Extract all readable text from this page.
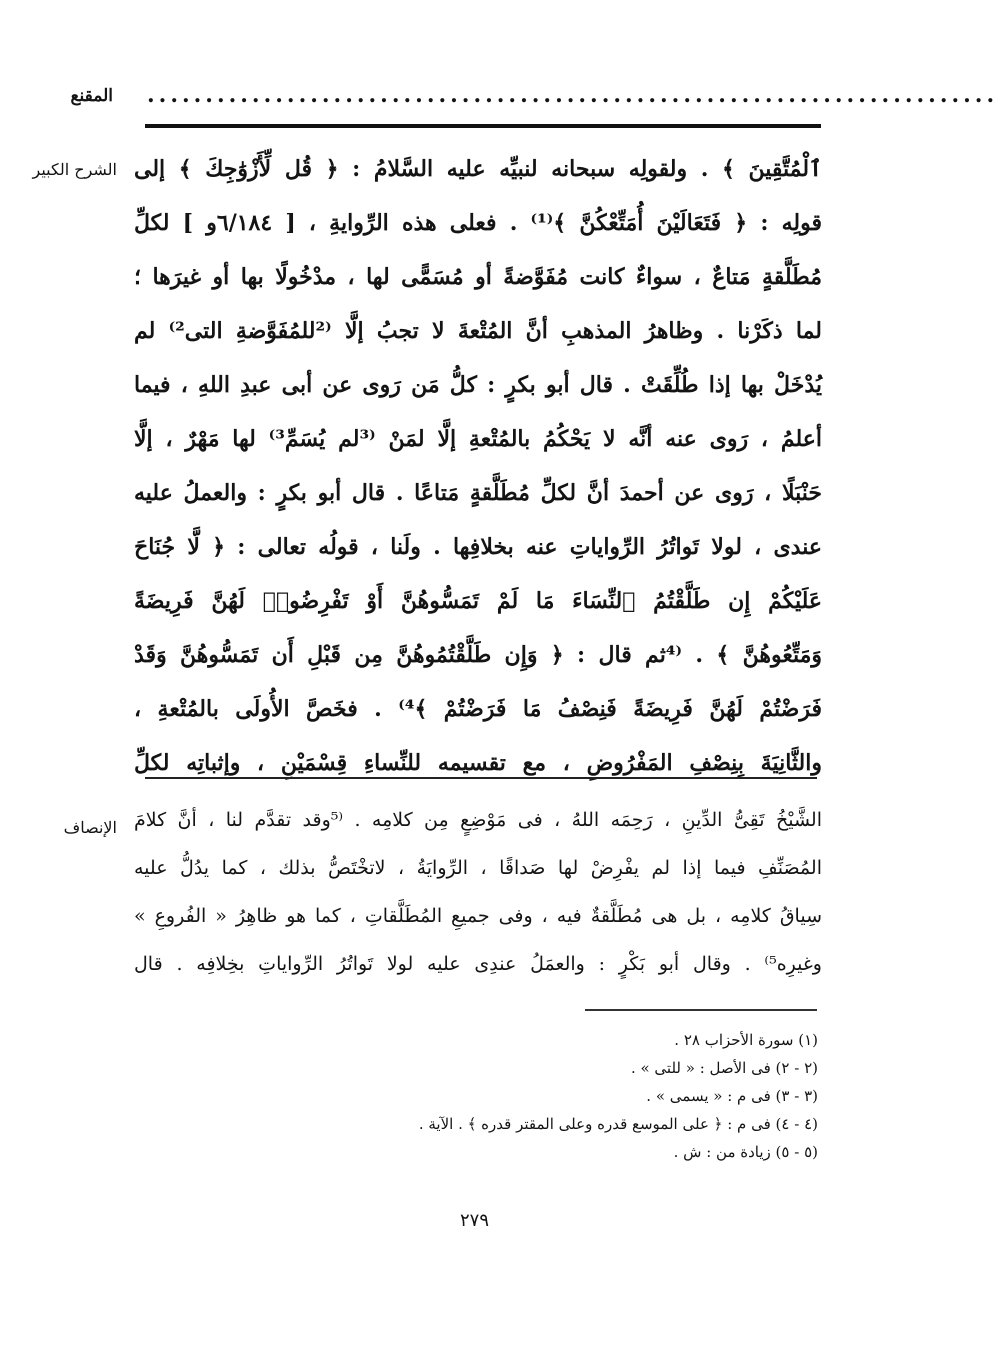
المقنع .........................................................................
الشرح الكبير ٱلْمُتَّقِينَ ﴾ . ولقولِه سبحانه لنبيِّه عليه السَّلامُ : ﴿ قُل لِّأَزْوَٰجِكَ ﴾ إلى
قولِه : ﴿ فَتَعَالَيْنَ أُمَتِّعْكُنَّ ﴾⁽¹⁾ . فعلى هذه الرِّوايةِ ، [ ٦/١٨٤و ] لكلِّ
مُطَلَّقةٍ مَتاعٌ ، سواءٌ كانت مُفَوَّضةً أو مُسَمًّى لها ، مدْخُولًا بها أو غيرَها ؛
لما ذكَرْنا . وظاهرُ المذهبِ أنَّ المُتْعةَ لا تجبُ إلَّا ⁽²للمُفَوَّضةِ التى²⁾ لم
يُدْخَلْ بها إذا طُلِّقَتْ . قال أبو بكرٍ : كلُّ مَن رَوى عن أبى عبدِ اللهِ ، فيما
أعلمُ ، رَوى عنه أنَّه لا يَحْكُمُ بالمُتْعةِ إلَّا لمَنْ ⁽³لم يُسَمِّ³⁾ لها مَهْرٌ ، إلَّا
حَنْبَلًا ، رَوى عن أحمدَ أنَّ لكلِّ مُطَلَّقةٍ مَتاعًا . قال أبو بكرٍ : والعملُ عليه
عندى ، لولا تَواتُرُ الرِّواياتِ عنه بخلافِها . ولَنا ، قولُه تعالى : ﴿ لَّا جُنَاحَ
عَلَيْكُمْ إِن طَلَّقْتُمُ ٱلنِّسَاءَ مَا لَمْ تَمَسُّوهُنَّ أَوْ تَفْرِضُوا۟ لَهُنَّ فَرِيضَةً
وَمَتِّعُوهُنَّ ﴾ . ⁽⁴ثم قال : ﴿ وَإِن طَلَّقْتُمُوهُنَّ مِن قَبْلِ أَن تَمَسُّوهُنَّ وَقَدْ
فَرَضْتُمْ لَهُنَّ فَرِيضَةً فَنِصْفُ مَا فَرَضْتُمْ ﴾⁴⁾ . فخَصَّ الأُولَى بالمُتْعةِ ،
والثَّانِيَةَ بِنِصْفِ المَفْرُوضِ ، مع تقسيمه للنِّساءِ قِسْمَيْنِ ، وإثباتِه لكلِّ
الإنصاف الشَّيْخُ تَقِىُّ الدِّينِ ، رَحِمَه اللهُ ، فى مَوْضِعٍ مِن كلامِه . ⁽⁵وقد تقدَّم لنا ، أنَّ كلامَ
المُصَنِّفِ فيما إذا لم يفْرِضْ لها صَداقًا ، الرِّوايَةُ ، لاتخْتَصُّ بذلك ، كما يدُلُّ عليه
سِياقُ كلامِه ، بل هى مُطَلَّقةٌ فيه ، وفى جميعِ المُطَلَّقاتِ ، كما هو ظاهِرُ « الفُروعِ »
وغيرِه⁵⁾ . وقال أبو بَكْرٍ : والعمَلُ عندِى عليه لولا تَواتُرُ الرِّواياتِ بخِلافِه . قال
(١) سورة الأحزاب ٢٨ .
(٢ - ٢) فى الأصل : « للتى » .
(٣ - ٣) فى م : « يسمى » .
(٤ - ٤) فى م : ﴿ على الموسع قدره وعلى المقتر قدره ﴾ . الآية .
(٥ - ٥) زيادة من : ش .
٢٧٩
